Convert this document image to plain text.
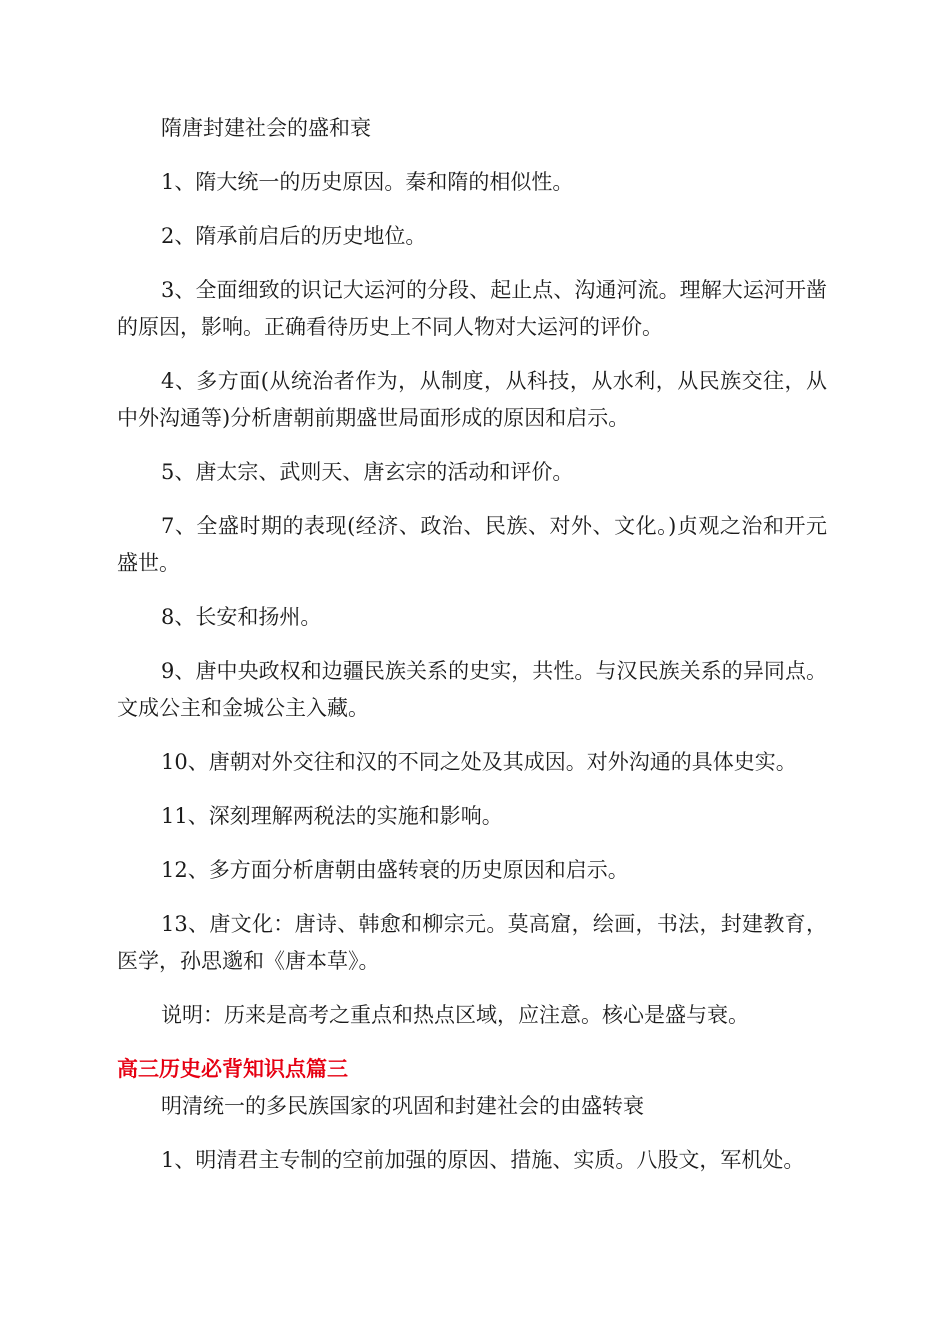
隋唐封建社会的盛和衰

1、隋大统一的历史原因。秦和隋的相似性。

2、隋承前启后的历史地位。

3、全面细致的识记大运河的分段、起止点、沟通河流。理解大运河开凿的原因，影响。正确看待历史上不同人物对大运河的评价。

4、多方面(从统治者作为，从制度，从科技，从水利，从民族交往，从中外沟通等)分析唐朝前期盛世局面形成的原因和启示。

5、唐太宗、武则天、唐玄宗的活动和评价。

7、全盛时期的表现(经济、政治、民族、对外、文化。)贞观之治和开元盛世。

8、长安和扬州。

9、唐中央政权和边疆民族关系的史实，共性。与汉民族关系的异同点。文成公主和金城公主入藏。

10、唐朝对外交往和汉的不同之处及其成因。对外沟通的具体史实。

11、深刻理解两税法的实施和影响。

12、多方面分析唐朝由盛转衰的历史原因和启示。

13、唐文化：唐诗、韩愈和柳宗元。莫高窟，绘画，书法，封建教育，医学，孙思邈和《唐本草》。

说明：历来是高考之重点和热点区域，应注意。核心是盛与衰。

高三历史必背知识点篇三

明清统一的多民族国家的巩固和封建社会的由盛转衰

1、明清君主专制的空前加强的原因、措施、实质。八股文，军机处。
